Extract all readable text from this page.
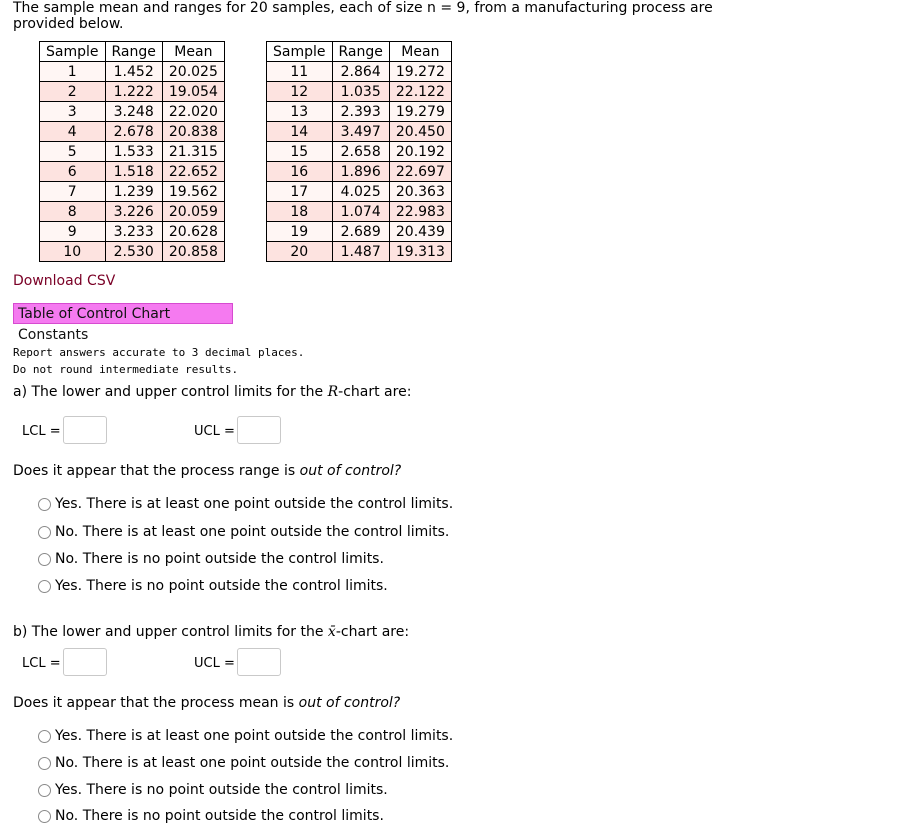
The sample mean and ranges for 20 samples, each of size n = 9, from a manufacturing process are provided below.
Sample	Range	Mean
1	1.452	20.025
2	1.222	19.054
3	3.248	22.020
4	2.678	20.838
5	1.533	21.315
6	1.518	22.652
7	1.239	19.562
8	3.226	20.059
9	3.233	20.628
10	2.530	20.858
Sample	Range	Mean
11	2.864	19.272
12	1.035	22.122
13	2.393	19.279
14	3.497	20.450
15	2.658	20.192
16	1.896	22.697
17	4.025	20.363
18	1.074	22.983
19	2.689	20.439
20	1.487	19.313
Download CSV
Table of Control Chart Constants
Report answers accurate to 3 decimal places.
Do not round intermediate results.
a) The lower and upper control limits for the R-chart are:
LCL =	UCL =
Does it appear that the process range is out of control?
Yes. There is at least one point outside the control limits.
No. There is at least one point outside the control limits.
No. There is no point outside the control limits.
Yes. There is no point outside the control limits.
b) The lower and upper control limits for the x̄-chart are:
LCL =	UCL =
Does it appear that the process mean is out of control?
Yes. There is at least one point outside the control limits.
No. There is at least one point outside the control limits.
Yes. There is no point outside the control limits.
No. There is no point outside the control limits.
